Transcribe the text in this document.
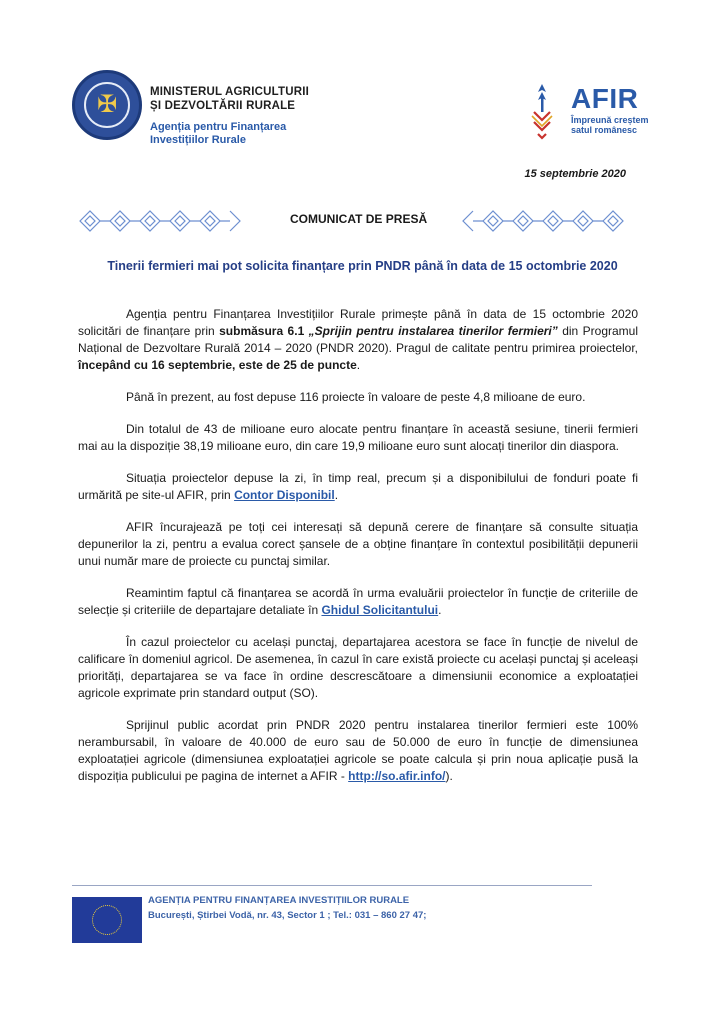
✠	MINISTERUL AGRICULTURII
ȘI DEZVOLTĂRII RURALE
Agenția pentru Finanțarea
Investițiilor Rurale
AFIR
Împreună creștem satul românesc
15 septembrie 2020
COMUNICAT DE PRESĂ
Tinerii fermieri mai pot solicita finanțare prin PNDR până în data de 15 octombrie 2020

Agenția pentru Finanțarea Investițiilor Rurale primește până în data de 15 octombrie 2020 solicitări de finanțare prin submăsura 6.1 „Sprijin pentru instalarea tinerilor fermieri” din Programul Național de Dezvoltare Rurală 2014 – 2020 (PNDR 2020). Pragul de calitate pentru primirea proiectelor, începând cu 16 septembrie, este de 25 de puncte.

Până în prezent, au fost depuse 116 proiecte în valoare de peste 4,8 milioane de euro.

Din totalul de 43 de milioane euro alocate pentru finanțare în această sesiune, tinerii fermieri mai au la dispoziție 38,19 milioane euro, din care 19,9 milioane euro sunt alocați tinerilor din diaspora.

Situația proiectelor depuse la zi, în timp real, precum și a disponibilului de fonduri poate fi urmărită pe site-ul AFIR, prin Contor Disponibil.

AFIR încurajează pe toți cei interesați să depună cerere de finanțare să consulte situația depunerilor la zi, pentru a evalua corect șansele de a obține finanțare în contextul posibilității depunerii unui număr mare de proiecte cu punctaj similar.

Reamintim faptul că finanțarea se acordă în urma evaluării proiectelor în funcție de criteriile de selecție și criteriile de departajare detaliate în Ghidul Solicitantului.

În cazul proiectelor cu același punctaj, departajarea acestora se face în funcție de nivelul de calificare în domeniul agricol. De asemenea, în cazul în care există proiecte cu același punctaj și aceleași priorități, departajarea se va face în ordine descrescătoare a dimensiunii economice a exploatației agricole exprimate prin standard output (SO).

Sprijinul public acordat prin PNDR 2020 pentru instalarea tinerilor fermieri este 100% nerambursabil, în valoare de 40.000 de euro sau de 50.000 de euro în funcție de dimensiunea exploatației agricole (dimensiunea exploatației agricole se poate calcula și prin noua aplicație pusă la dispoziția publicului pe pagina de internet a AFIR - http://so.afir.info/).

AGENȚIA PENTRU FINANȚAREA INVESTIȚIILOR RURALE
București, Știrbei Vodă, nr. 43, Sector 1 ; Tel.: 031 – 860 27 47;
